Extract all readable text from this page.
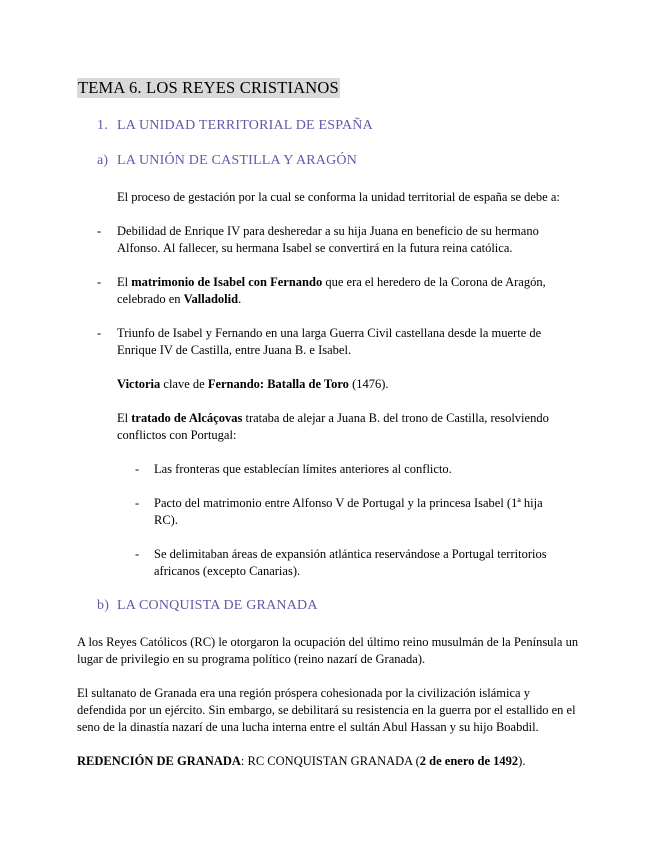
TEMA 6. LOS REYES CRISTIANOS
1. LA UNIDAD TERRITORIAL DE ESPAÑA
a) LA UNIÓN DE CASTILLA Y ARAGÓN
El proceso de gestación por la cual se conforma la unidad territorial de españa se debe a:
- Debilidad de Enrique IV para desheredar a su hija Juana en beneficio de su hermano Alfonso. Al fallecer, su hermana Isabel se convertirá en la futura reina católica.
- El matrimonio de Isabel con Fernando que era el heredero de la Corona de Aragón, celebrado en Valladolid.
- Triunfo de Isabel y Fernando en una larga Guerra Civil castellana desde la muerte de Enrique IV de Castilla, entre Juana B. e Isabel.
Victoria clave de Fernando: Batalla de Toro (1476).
El tratado de Alcáçovas trataba de alejar a Juana B. del trono de Castilla, resolviendo conflictos con Portugal:
- Las fronteras que establecían límites anteriores al conflicto.
- Pacto del matrimonio entre Alfonso V de Portugal y la princesa Isabel (1ª hija RC).
- Se delimitaban áreas de expansión atlántica reservándose a Portugal territorios africanos (excepto Canarias).
b) LA CONQUISTA DE GRANADA
A los Reyes Católicos (RC) le otorgaron la ocupación del último reino musulmán de la Península un lugar de privilegio en su programa político (reino nazarí de Granada).
El sultanato de Granada era una región próspera cohesionada por la civilización islámica y defendida por un ejército. Sin embargo, se debilitará su resistencia en la guerra por el estallido en el seno de la dinastía nazarí de una lucha interna entre el sultán Abul Hassan y su hijo Boabdil.
REDENCIÓN DE GRANADA: RC CONQUISTAN GRANADA (2 de enero de 1492).
